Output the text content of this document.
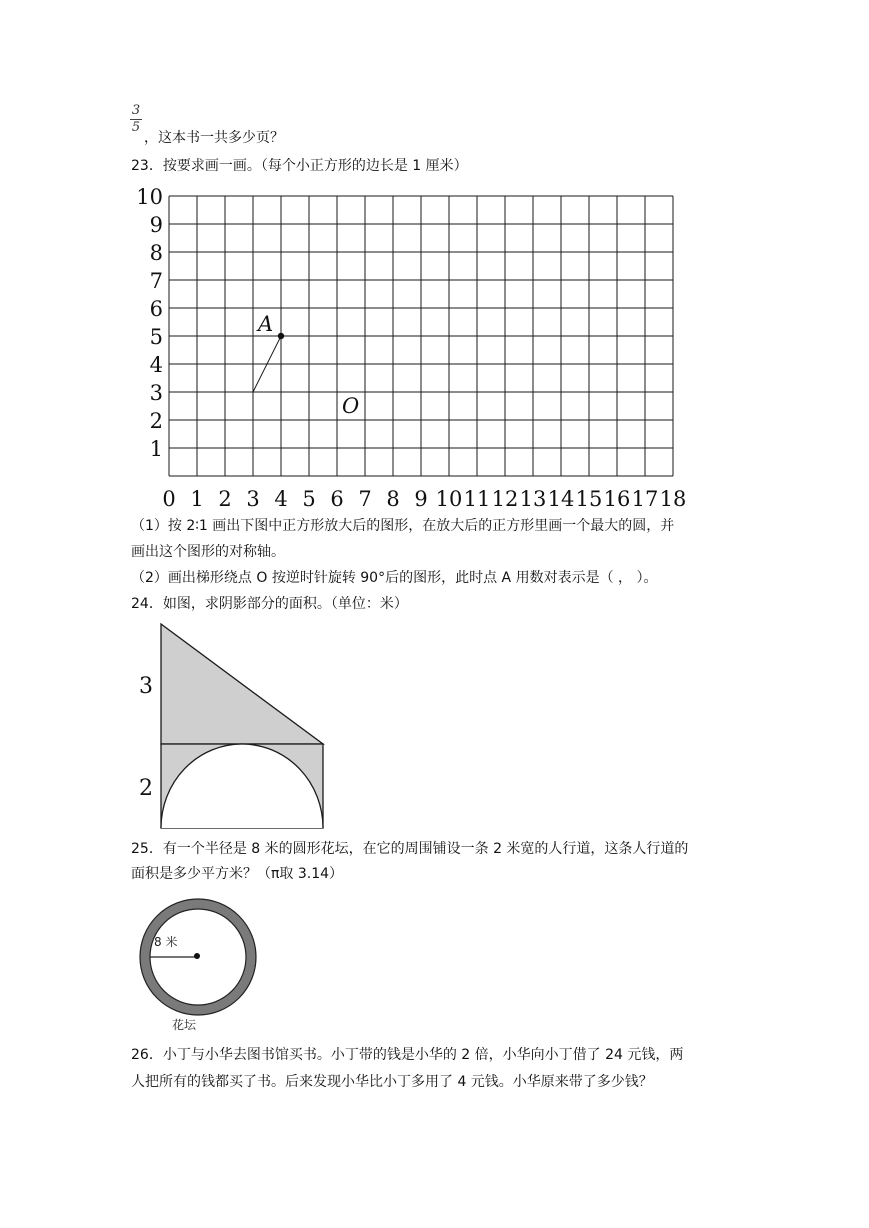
3
5
，这本书一共多少页？
23．按要求画一画。（每个小正方形的边长是 1 厘米）
0 1 2 3 4 5 6 7 8 9 10 11 12 13 14 15 16 17 18
1
2
3
4
5
6
7
8
9
10
A
O
（1）按 2∶1 画出下图中正方形放大后的图形，在放大后的正方形里画一个最大的圆，并
画出这个图形的对称轴。
（2）画出梯形绕点 O 按逆时针旋转 90°后的图形，此时点 A 用数对表示是（ ， ）。
24．如图，求阴影部分的面积。（单位：米）
3
2
25．有一个半径是 8 米的圆形花坛，在它的周围铺设一条 2 米宽的人行道，这条人行道的
面积是多少平方米？（π取 3.14）
8 米
花坛
26．小丁与小华去图书馆买书。小丁带的钱是小华的 2 倍，小华向小丁借了 24 元钱，两
人把所有的钱都买了书。后来发现小华比小丁多用了 4 元钱。小华原来带了多少钱？
